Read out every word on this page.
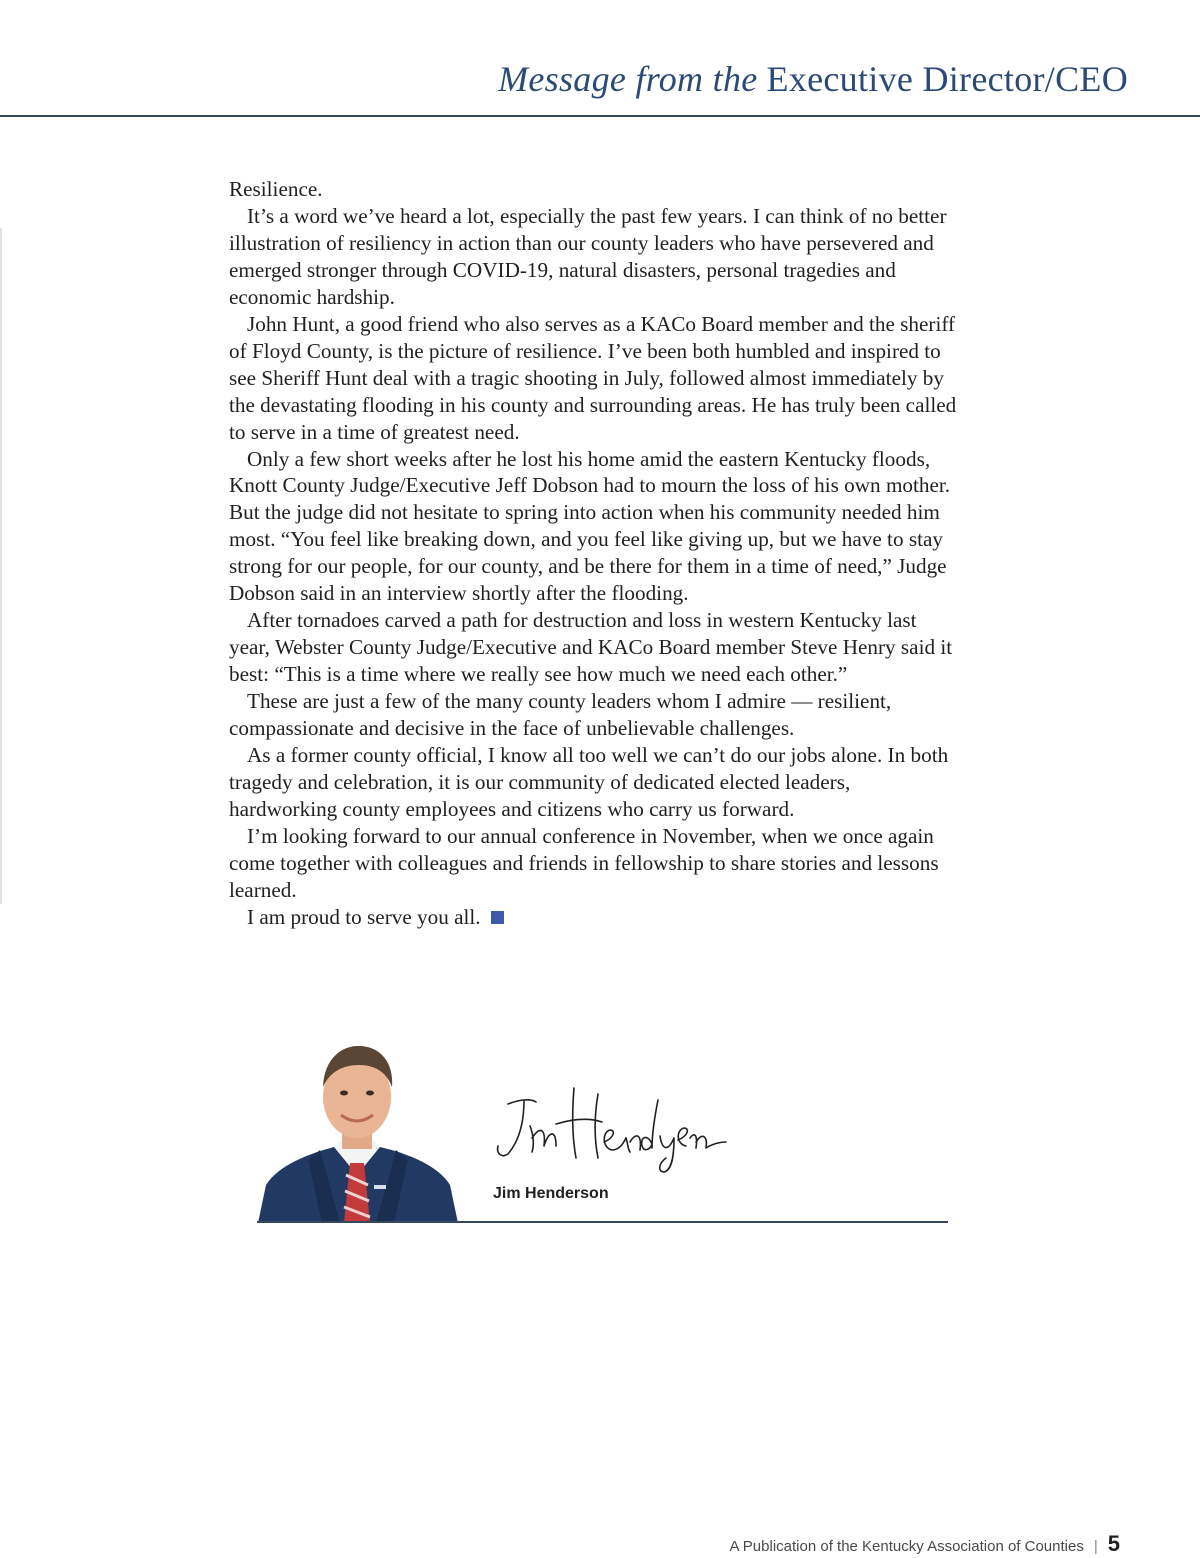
Message from the Executive Director/CEO

Resilience.

It’s a word we’ve heard a lot, especially the past few years. I can think of no better illustration of resiliency in action than our county leaders who have persevered and emerged stronger through COVID-19, natural disasters, personal tragedies and economic hardship.

John Hunt, a good friend who also serves as a KACo Board member and the sheriff of Floyd County, is the picture of resilience. I’ve been both humbled and inspired to see Sheriff Hunt deal with a tragic shooting in July, followed almost immediately by the devastating flooding in his county and surrounding areas. He has truly been called to serve in a time of greatest need.

Only a few short weeks after he lost his home amid the eastern Kentucky floods, Knott County Judge/Executive Jeff Dobson had to mourn the loss of his own mother. But the judge did not hesitate to spring into action when his community needed him most. “You feel like breaking down, and you feel like giving up, but we have to stay strong for our people, for our county, and be there for them in a time of need,” Judge Dobson said in an interview shortly after the flooding.

After tornadoes carved a path for destruction and loss in western Kentucky last year, Webster County Judge/Executive and KACo Board member Steve Henry said it best: “This is a time where we really see how much we need each other.”

These are just a few of the many county leaders whom I admire — resilient, compassionate and decisive in the face of unbelievable challenges.

As a former county official, I know all too well we can’t do our jobs alone. In both tragedy and celebration, it is our community of dedicated elected leaders, hardworking county employees and citizens who carry us forward.

I’m looking forward to our annual conference in November, when we once again come together with colleagues and friends in fellowship to share stories and lessons learned.

I am proud to serve you all.

Jim Henderson
A Publication of the Kentucky Association of Counties | 5
